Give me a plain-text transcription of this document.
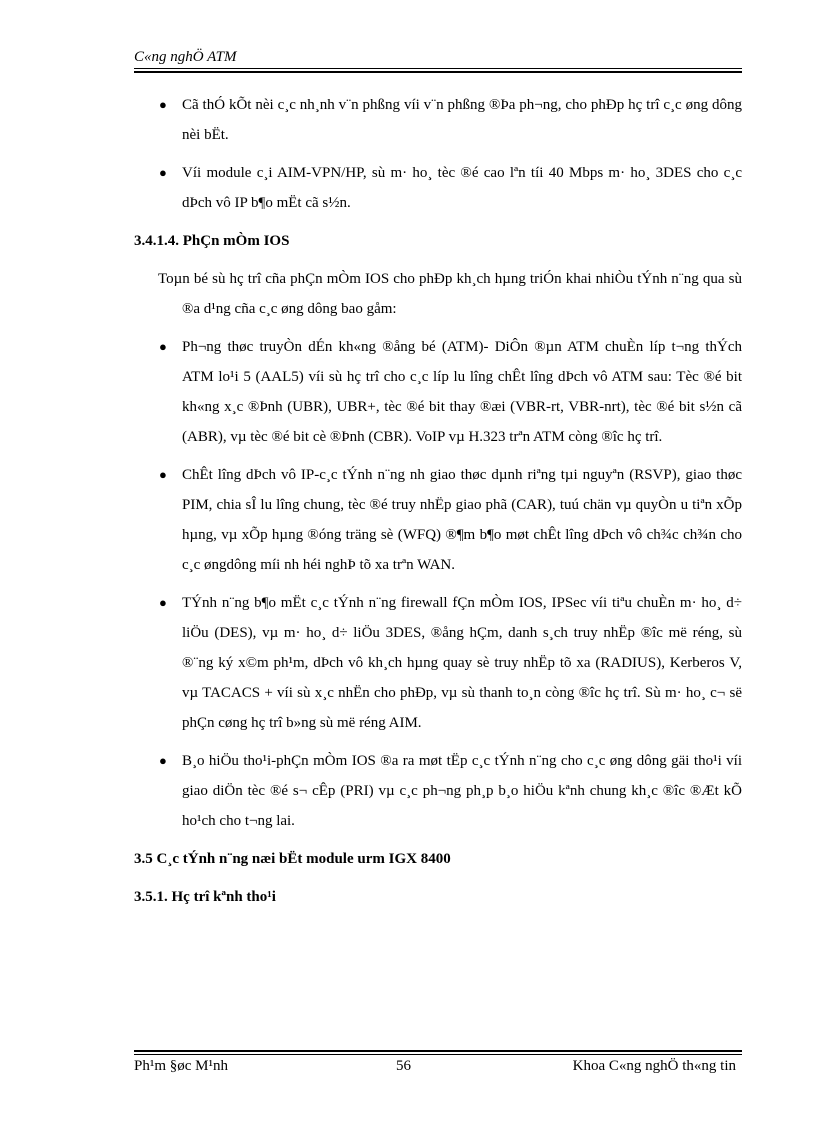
C«ng nghÖ ATM
● Cã thÓ kÕt nèi c¸c nh¸nh v¨n phßng víi v¨n phßng ®Þa ph¬ng, cho phÐp hç trî c¸c øng dông nèi bËt.
● Víi module c¸i AIM-VPN/HP, sù m· ho¸ tèc ®é cao lªn tíi 40 Mbps m· ho¸ 3DES cho c¸c dÞch vô IP b¶o mËt cã s½n.
3.4.1.4. PhÇn mÒm IOS
Toµn bé sù hç trî cña phÇn mÒm IOS cho phÐp kh¸ch hµng triÓn khai nhiÒu tÝnh n¨ng qua sù ®a d¹ng cña c¸c øng dông bao gåm:
● Ph¬ng thøc truyÒn dÉn kh«ng ®ång bé (ATM)- DiÔn ®µn ATM chuÈn líp t¬ng thÝch ATM lo¹i 5 (AAL5) víi sù hç trî cho c¸c líp lu lîng chÊt lîng dÞch vô ATM sau: Tèc ®é bit kh«ng x¸c ®Þnh (UBR), UBR+, tèc ®é bit thay ®æi (VBR-rt, VBR-nrt), tèc ®é bit s½n cã (ABR), vµ tèc ®é bit cè ®Þnh (CBR). VoIP vµ H.323 trªn ATM còng ®îc hç trî.
● ChÊt lîng dÞch vô IP-c¸c tÝnh n¨ng nh giao thøc dµnh riªng tµi nguyªn (RSVP), giao thøc PIM, chia sÎ lu lîng chung, tèc ®é truy nhËp giao phã (CAR), tuú chän vµ quyÒn u tiªn xÕp hµng, vµ xÕp hµng ®óng träng sè (WFQ) ®¶m b¶o møt chÊt lîng dÞch vô ch¾c ch¾n cho c¸c øngdông míi nh héi nghÞ tõ xa trªn WAN.
● TÝnh n¨ng b¶o mËt c¸c tÝnh n¨ng firewall fÇn mÒm IOS, IPSec víi tiªu chuÈn m· ho¸ d÷ liÖu (DES), vµ m· ho¸ d÷ liÖu 3DES, ®ång hÇm, danh s¸ch truy nhËp ®îc më réng, sù ®¨ng ký x©m ph¹m, dÞch vô kh¸ch hµng quay sè truy nhËp tõ xa (RADIUS), Kerberos V, vµ TACACS + víi sù x¸c nhËn cho phÐp, vµ sù thanh to¸n còng ®îc hç trî. Sù m· ho¸ c¬ së phÇn cøng hç trî b»ng sù më réng AIM.
● B¸o hiÖu tho¹i-phÇn mÒm IOS ®a ra møt tËp c¸c tÝnh n¨ng cho c¸c øng dông gäi tho¹i víi giao diÖn tèc ®é s¬ cÊp (PRI) vµ c¸c ph¬ng ph¸p b¸o hiÖu kªnh chung kh¸c ®îc ®Æt kÕ ho¹ch cho t¬ng lai.
3.5 C¸c tÝnh n¨ng næi bËt module urm IGX 8400
3.5.1. Hç trî kªnh tho¹i
Ph¹m §øc M¹nh	56	Khoa C«ng nghÖ th«ng tin
